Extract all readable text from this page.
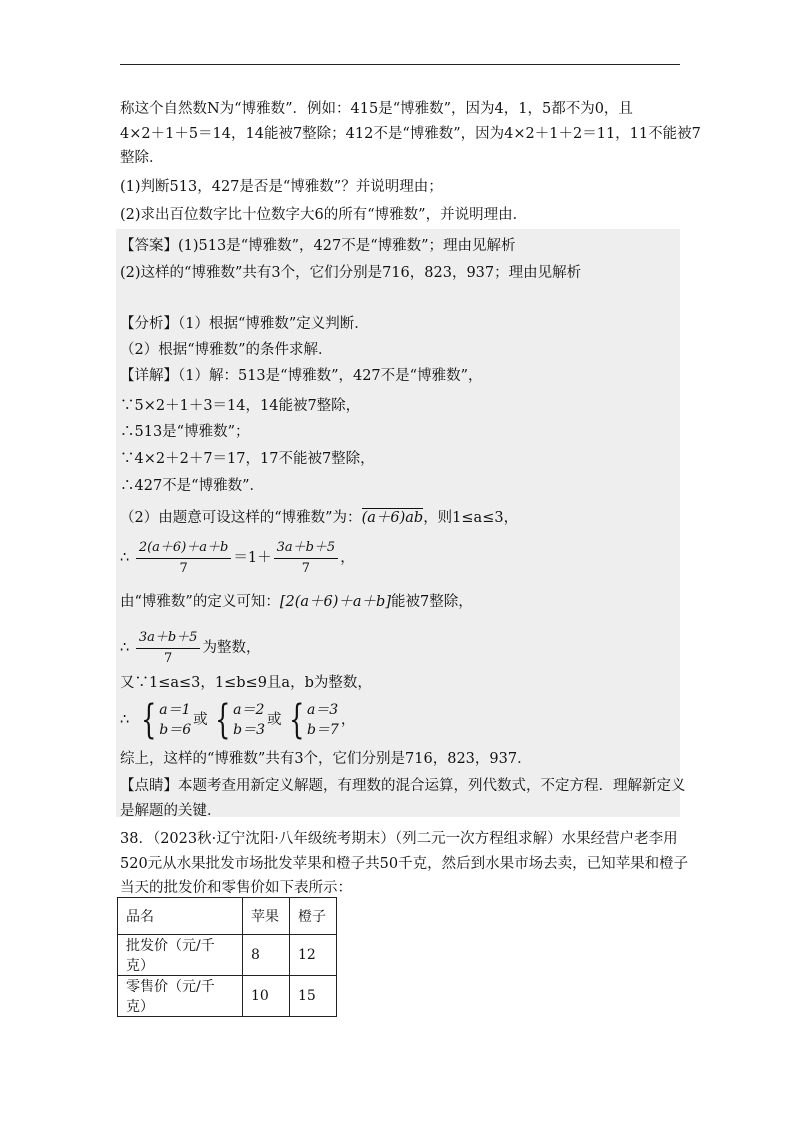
称这个自然数N为“博雅数”．例如：415是“博雅数”，因为4，1，5都不为0，且
4×2＋1＋5＝14，14能被7整除；412不是“博雅数”，因为4×2＋1＋2＝11，11不能被7
整除．
(1)判断513，427是否是“博雅数”？并说明理由；
(2)求出百位数字比十位数字大6的所有“博雅数”，并说明理由．
【答案】(1)513是“博雅数”，427不是“博雅数”；理由见解析
(2)这样的“博雅数”共有3个，它们分别是716，823，937；理由见解析
【分析】（1）根据“博雅数”定义判断．
（2）根据“博雅数”的条件求解．
【详解】（1）解：513是“博雅数”，427不是“博雅数”，
∵5×2＋1＋3＝14，14能被7整除，
∴513是“博雅数”；
∵4×2＋2＋7＝17，17不能被7整除，
∴427不是“博雅数”．
（2）由题意可设这样的“博雅数”为：(a＋6)ab，则1≤a≤3，
∴ $\frac{2(a+6)+a+b}{7} =1+ \frac{3a+b+5}{7}$ ，
由“博雅数”的定义可知：[2(a＋6)＋a＋b]能被7整除，
∴ $\frac{3a+b+5}{7}$ 为整数，
又∵1≤a≤3，1≤b≤9且a，b为整数，
∴ { a＝1
b＝6
或 { a＝2
b＝3
或 { a＝3
b＝7
，
综上，这样的“博雅数”共有3个，它们分别是716，823，937．
【点睛】本题考查用新定义解题，有理数的混合运算，列代数式，不定方程．理解新定义
是解题的关键．
38．（2023秋·辽宁沈阳·八年级统考期末）（列二元一次方程组求解）水果经营户老李用
520元从水果批发市场批发苹果和橙子共50千克，然后到水果市场去卖，已知苹果和橙子
当天的批发价和零售价如下表所示：
品名	苹果	橙子
批发价（元/千克）	8	12
零售价（元/千克）	10	15
